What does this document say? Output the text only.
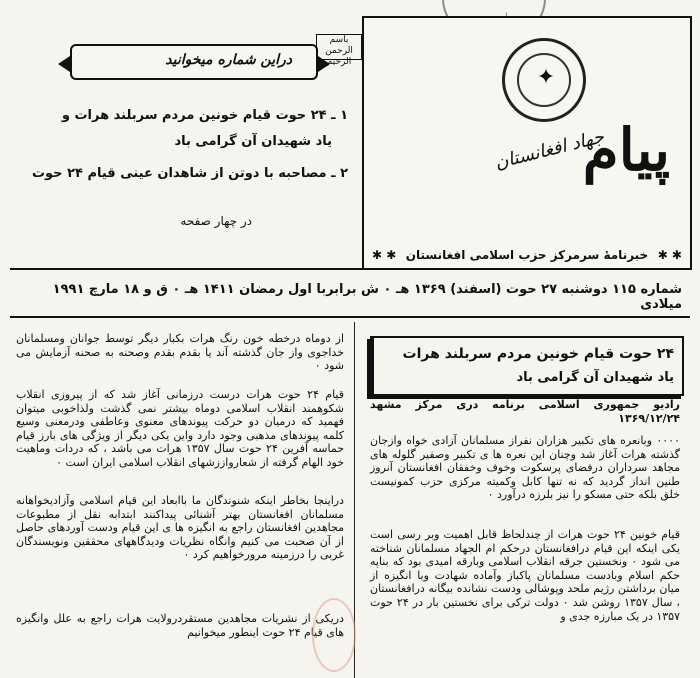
✦
پیام
جهاد افغانستان
✱ ✱ خبرنامهٔ سرمرکز حزب اسلامی افغانستان ✱ ✱
دراین شماره میخوانید
۱ ـ ۲۴ حوت قیام خونین مردم سربلند هرات و
یاد شهیدان آن گرامی باد
۲ ـ مصاحبه با دوتن از شاهدان عینی قیام ۲۴ حوت
در چهار صفحه
باسم الرحمن الرحیم
شماره ۱۱۵ دوشنبه ۲۷ حوت (اسفند) ۱۳۶۹ هـ ۰ ش برابربا اول رمضان ۱۴۱۱ هـ ۰ ق و ۱۸ مارچ ۱۹۹۱ میلادی
۲۴ حوت قیام خونین مردم سربلند هرات
یاد شهیدان آن گرامی باد
رادیو جمهوری اسلامی برنامه دری مرکز مشهد ۱۳۶۹/۱۲/۲۴
۰۰۰۰ وبانعره های تکبیر هزاران نفراز مسلمانان آزادی خواه وازجان گذشته هرات آغاز شد وچنان این نعره ها ی تکبیر وصفیر گلوله های مجاهد سرداران درفضای پرسکوت وخوف وخفقان افغانستان آنروز طنین انداز گردید که نه تنها کابل وکمیته مرکزی حزب کمونیست خلق بلکه حتی مسکو را نیز بلرزه درآورد ۰
قیام خونین ۲۴ حوت هرات از چندلحاظ قابل اهمیت وبر رسی است یکی اینکه این قیام درافغانستان درحکم ام الجهاد مسلمانان شناخته می شود ۰ ونخستین جرقه انقلاب اسلامی وبارقه امیدی بود که بناپه حکم اسلام وبادست مسلمانان پاکباز وآماده شهادت وبا انگیزه از میان برداشتن رژیم ملحد وپوشالی ودست نشانده بیگانه درافغانستان ، سال ۱۳۵۷ روشن شد ۰ دولت ترکی برای نخستین بار در ۲۴ حوت ۱۳۵۷ در یک مبارزه جدی و
از دوماه درخطه خون رنگ هرات بکبار دیگر توسط جوانان ومسلمانان خداجوی واز جان گذشته آند یا بقدم بقدم وصحنه به صحنه آزمایش می شود ۰
قیام ۲۴ حوت هرات درست درزمانی آغاز شد که از پیروزی انقلاب شکوهمند انقلاب اسلامی دوماه بیشتر نمی گذشت ولذاخوبی میتوان فهمید که درمیان دو حرکت پیوندهای معنوی وعاطفی ودرمعنی وسیع کلمه پیوندهای مذهبی وجود دارد واین یکی دیگر از ویژگی های بارز قیام حماسه آفرین ۲۴ حوت سال ۱۳۵۷ هرات می باشد ، که دردات وماهیت خود الهام گرفته از شعارواززشهای انقلاب اسلامی ایران است ۰
دراینجا بخاطر اینکه شنوندگان ما باابعاد این قیام اسلامی وآزادیخواهانه مسلمانان افغانستان بهتر آشنائی پیداکنند ابتدابه نقل از مطبوعات مجاهدین افغانستان راجع به انگیزه ها ی این قیام ودست آوردهای حاصل از آن صحبت می کنیم وانگاه نظریات ودیدگاههای محققین ونویسندگان غربی را درزمینه مرورخواهیم کرد ۰
دریکی از نشریات مجاهدین مستقردرولایت هرات راجع به علل وانگیزه های قیام ۲۴ حوت اینطور میخوانیم
